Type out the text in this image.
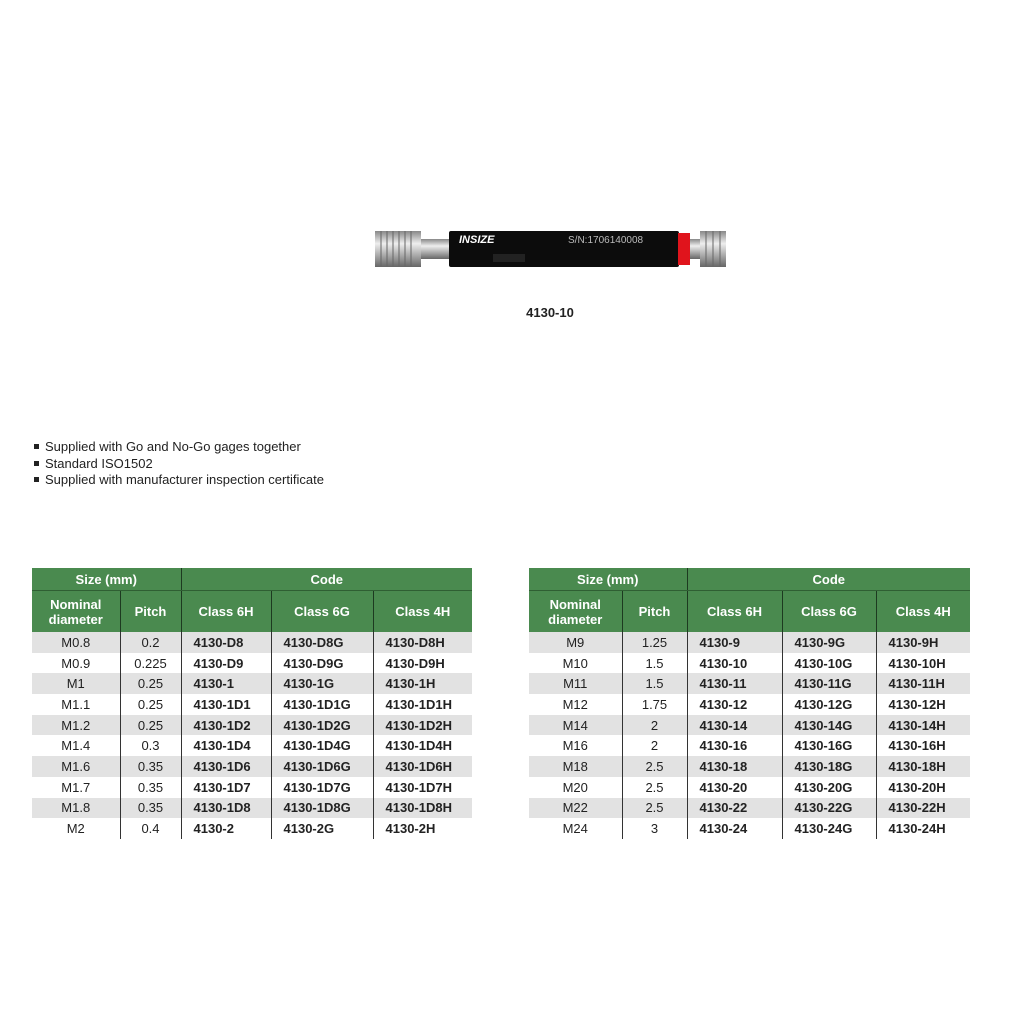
INSIZE	S/N:1706140008
4130-10
Supplied with Go and No-Go gages together
Standard ISO1502
Supplied with manufacturer inspection certificate
Size (mm)		Code		
Nominal diameter	Pitch	Class 6H	Class 6G	Class 4H
M0.8	0.2	4130-D8	4130-D8G	4130-D8H
M0.9	0.225	4130-D9	4130-D9G	4130-D9H
M1	0.25	4130-1	4130-1G	4130-1H
M1.1	0.25	4130-1D1	4130-1D1G	4130-1D1H
M1.2	0.25	4130-1D2	4130-1D2G	4130-1D2H
M1.4	0.3	4130-1D4	4130-1D4G	4130-1D4H
M1.6	0.35	4130-1D6	4130-1D6G	4130-1D6H
M1.7	0.35	4130-1D7	4130-1D7G	4130-1D7H
M1.8	0.35	4130-1D8	4130-1D8G	4130-1D8H
M2	0.4	4130-2	4130-2G	4130-2H
Size (mm)		Code		
Nominal diameter	Pitch	Class 6H	Class 6G	Class 4H
M9	1.25	4130-9	4130-9G	4130-9H
M10	1.5	4130-10	4130-10G	4130-10H
M11	1.5	4130-11	4130-11G	4130-11H
M12	1.75	4130-12	4130-12G	4130-12H
M14	2	4130-14	4130-14G	4130-14H
M16	2	4130-16	4130-16G	4130-16H
M18	2.5	4130-18	4130-18G	4130-18H
M20	2.5	4130-20	4130-20G	4130-20H
M22	2.5	4130-22	4130-22G	4130-22H
M24	3	4130-24	4130-24G	4130-24H
